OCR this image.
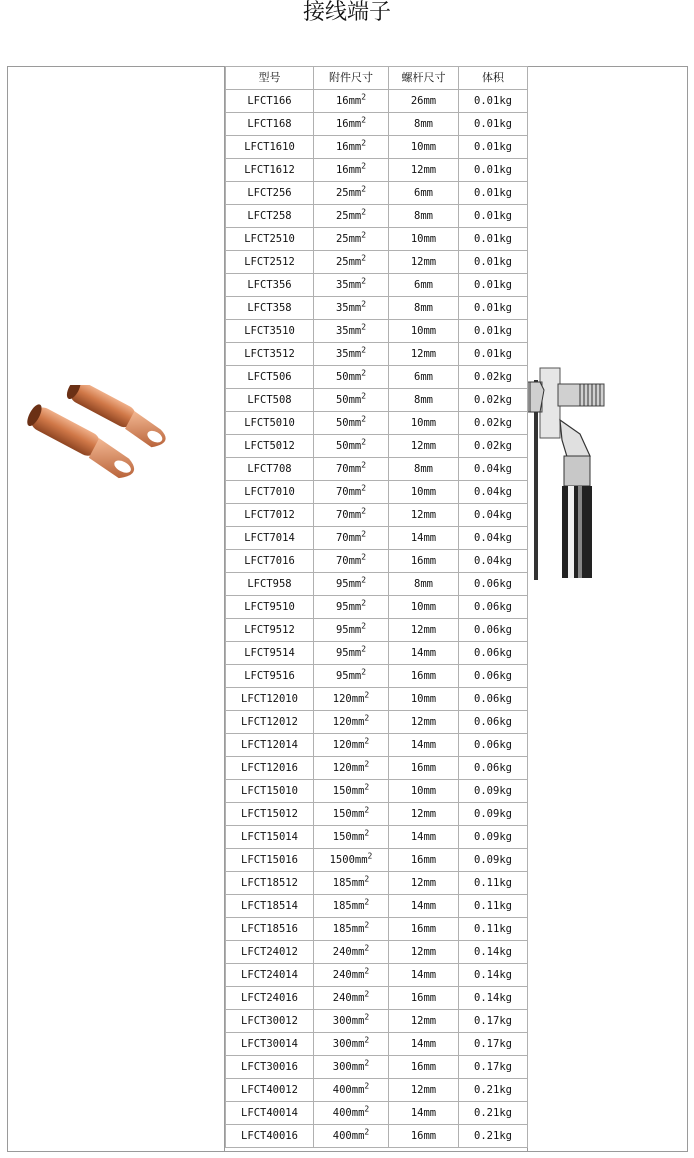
接线端子
型号	附件尺寸	螺杆尺寸	体积
LFCT166	$16mm^2$	26mm	0.01kg
LFCT168	$16mm^2$	8mm	0.01kg
LFCT1610	$16mm^2$	10mm	0.01kg
LFCT1612	$16mm^2$	12mm	0.01kg
LFCT256	$25mm^2$	6mm	0.01kg
LFCT258	$25mm^2$	8mm	0.01kg
LFCT2510	$25mm^2$	10mm	0.01kg
LFCT2512	$25mm^2$	12mm	0.01kg
LFCT356	$35mm^2$	6mm	0.01kg
LFCT358	$35mm^2$	8mm	0.01kg
LFCT3510	$35mm^2$	10mm	0.01kg
LFCT3512	$35mm^2$	12mm	0.01kg
LFCT506	$50mm^2$	6mm	0.02kg
LFCT508	$50mm^2$	8mm	0.02kg
LFCT5010	$50mm^2$	10mm	0.02kg
LFCT5012	$50mm^2$	12mm	0.02kg
LFCT708	$70mm^2$	8mm	0.04kg
LFCT7010	$70mm^2$	10mm	0.04kg
LFCT7012	$70mm^2$	12mm	0.04kg
LFCT7014	$70mm^2$	14mm	0.04kg
LFCT7016	$70mm^2$	16mm	0.04kg
LFCT958	$95mm^2$	8mm	0.06kg
LFCT9510	$95mm^2$	10mm	0.06kg
LFCT9512	$95mm^2$	12mm	0.06kg
LFCT9514	$95mm^2$	14mm	0.06kg
LFCT9516	$95mm^2$	16mm	0.06kg
LFCT12010	$120mm^2$	10mm	0.06kg
LFCT12012	$120mm^2$	12mm	0.06kg
LFCT12014	$120mm^2$	14mm	0.06kg
LFCT12016	$120mm^2$	16mm	0.06kg
LFCT15010	$150mm^2$	10mm	0.09kg
LFCT15012	$150mm^2$	12mm	0.09kg
LFCT15014	$150mm^2$	14mm	0.09kg
LFCT15016	$1500mm^2$	16mm	0.09kg
LFCT18512	$185mm^2$	12mm	0.11kg
LFCT18514	$185mm^2$	14mm	0.11kg
LFCT18516	$185mm^2$	16mm	0.11kg
LFCT24012	$240mm^2$	12mm	0.14kg
LFCT24014	$240mm^2$	14mm	0.14kg
LFCT24016	$240mm^2$	16mm	0.14kg
LFCT30012	$300mm^2$	12mm	0.17kg
LFCT30014	$300mm^2$	14mm	0.17kg
LFCT30016	$300mm^2$	16mm	0.17kg
LFCT40012	$400mm^2$	12mm	0.21kg
LFCT40014	$400mm^2$	14mm	0.21kg
LFCT40016	$400mm^2$	16mm	0.21kg
